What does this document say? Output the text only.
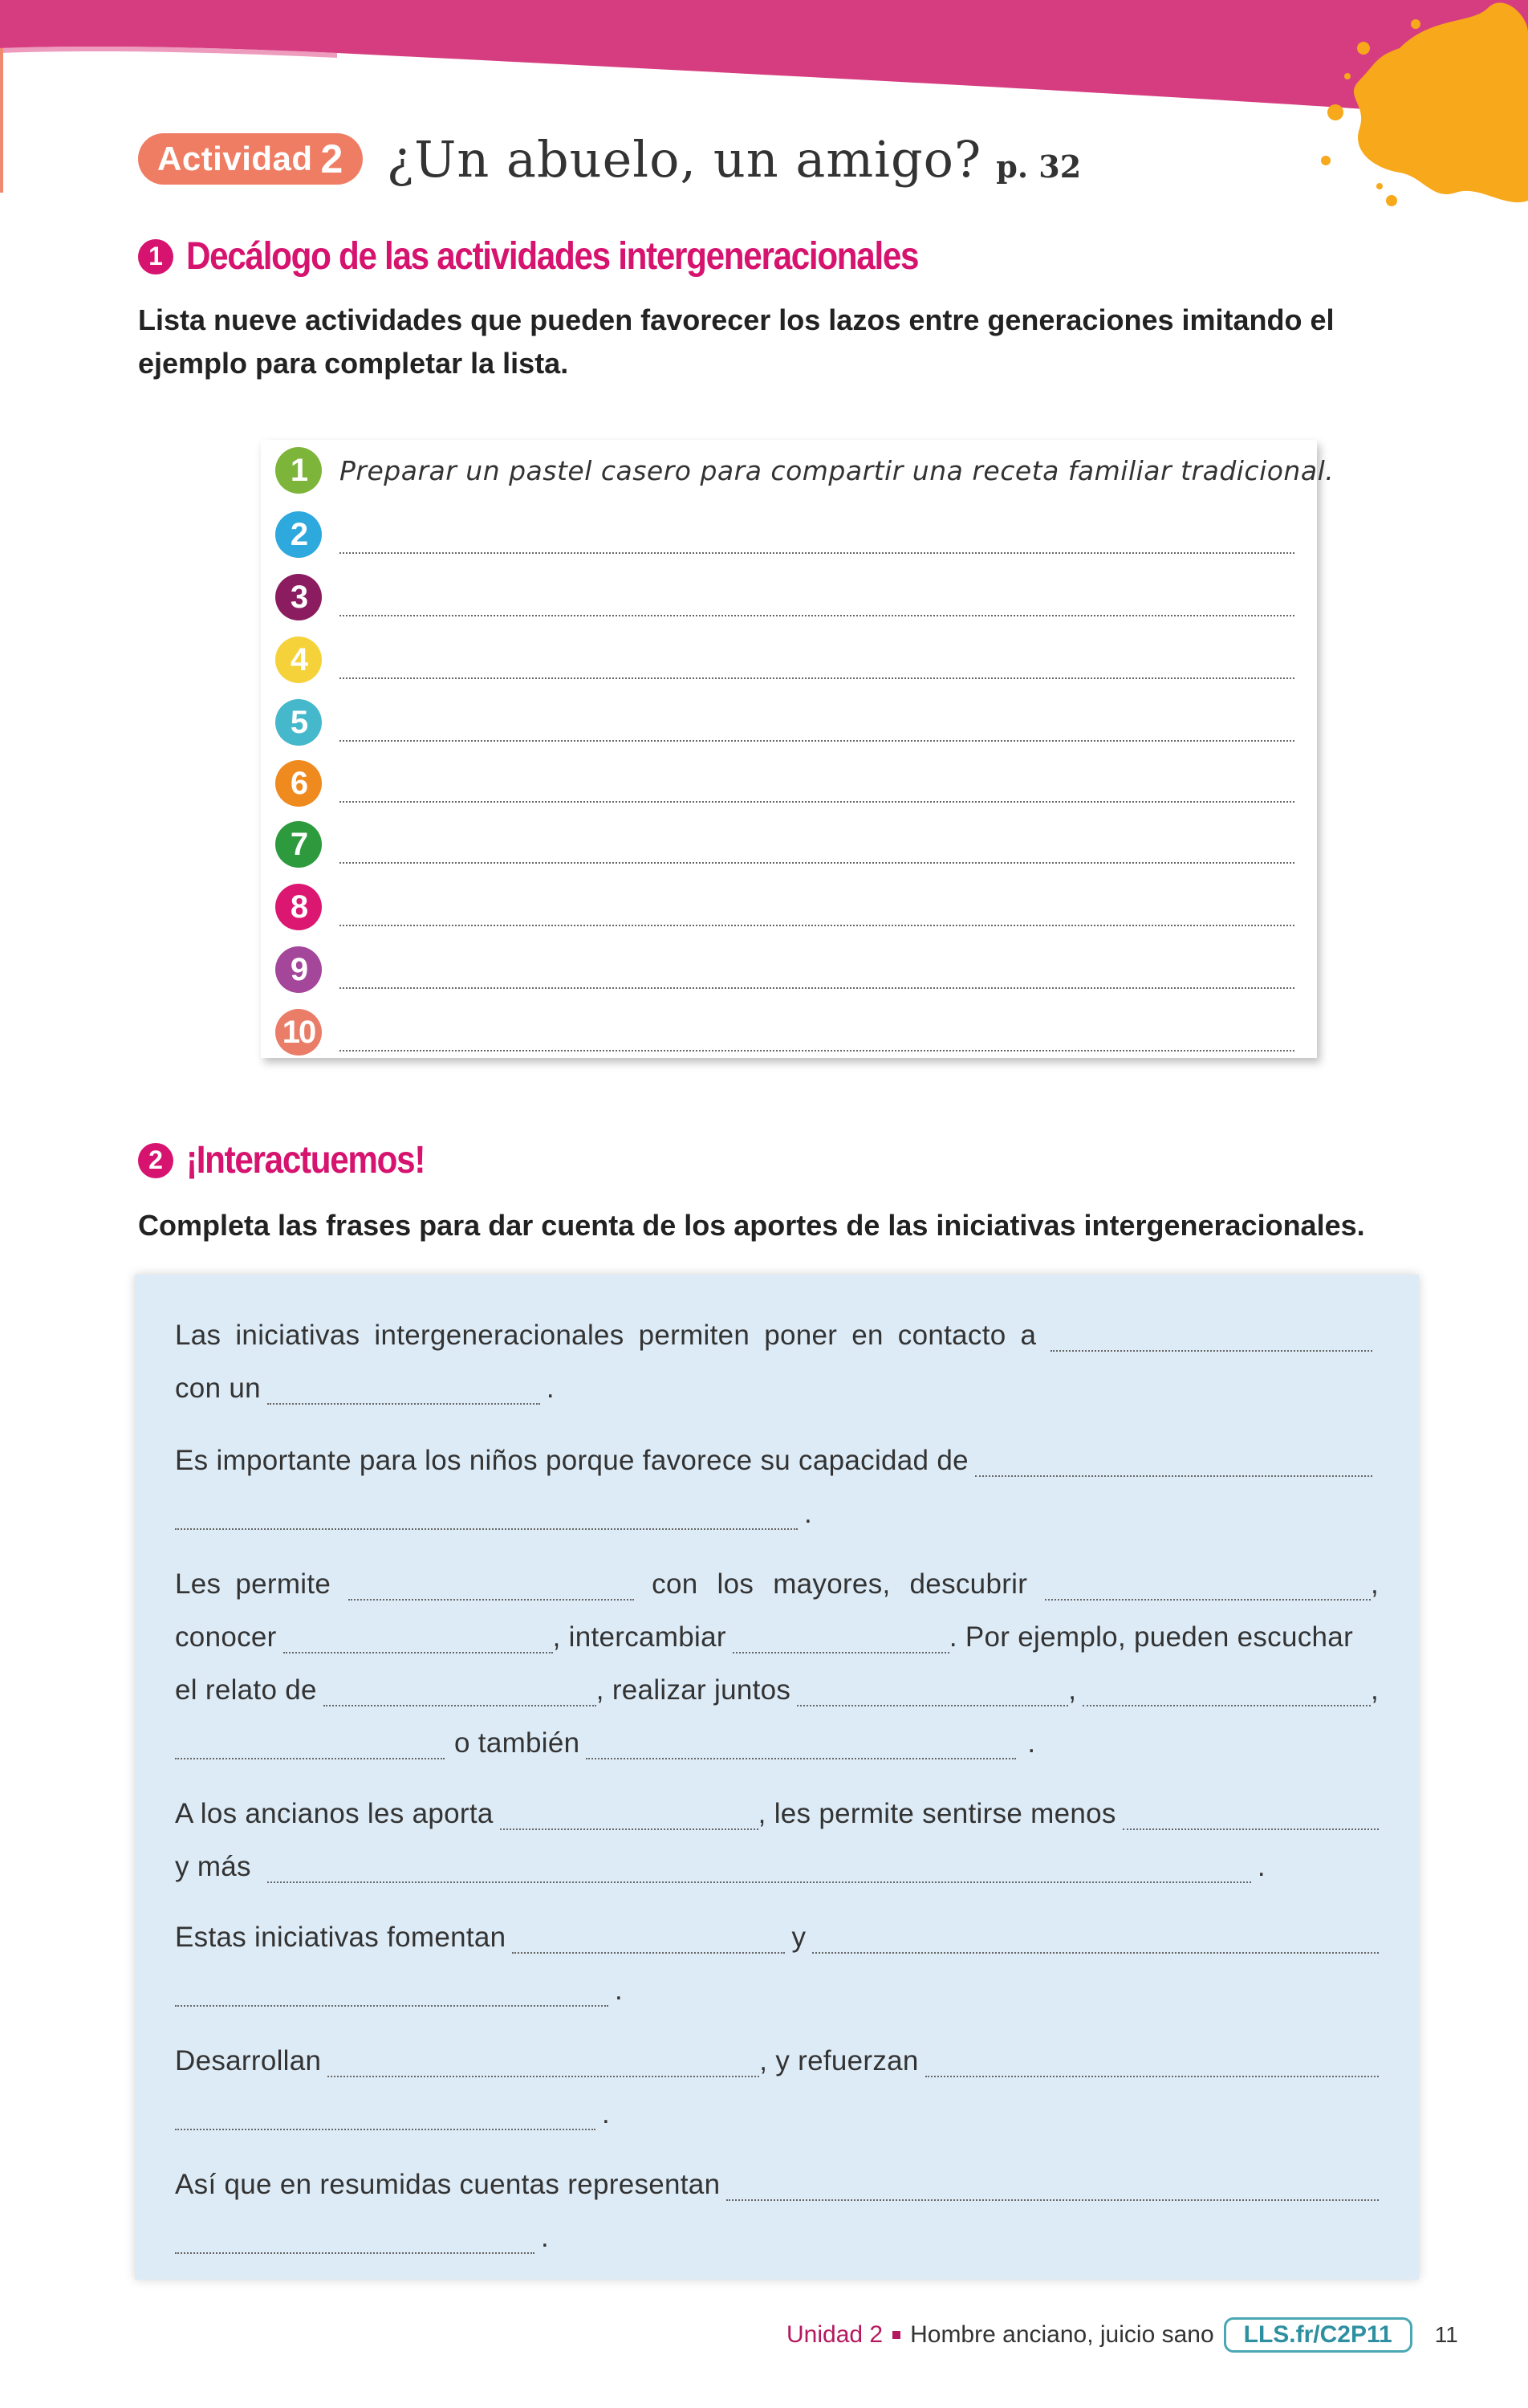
Actividad 2 ¿Un abuelo, un amigo? p. 32
1 Decálogo de las actividades intergeneracionales
Lista nueve actividades que pueden favorecer los lazos entre generaciones imitando el ejemplo para completar la lista.
1	Preparar un pastel casero para compartir una receta familiar tradicional.
2
3
4
5
6
7
8
9
10
2 ¡Interactuemos!
Completa las frases para dar cuenta de los aportes de las iniciativas intergeneracionales.
Las iniciativas intergeneracionales permiten poner en contacto a
con un	.
Es importante para los niños porque favorece su capacidad de
.
Les permite	con los mayores, descubrir	,
conocer	, intercambiar	. Por ejemplo, pueden escuchar
el relato de	, realizar juntos	,	,
o también	.
A los ancianos les aporta	, les permite sentirse menos
y más	.
Estas iniciativas fomentan	y
.
Desarrollan	, y refuerzan
.
Así que en resumidas cuentas representan
.
Unidad 2 Hombre anciano, juicio sano	LLS.fr/C2P11	11
